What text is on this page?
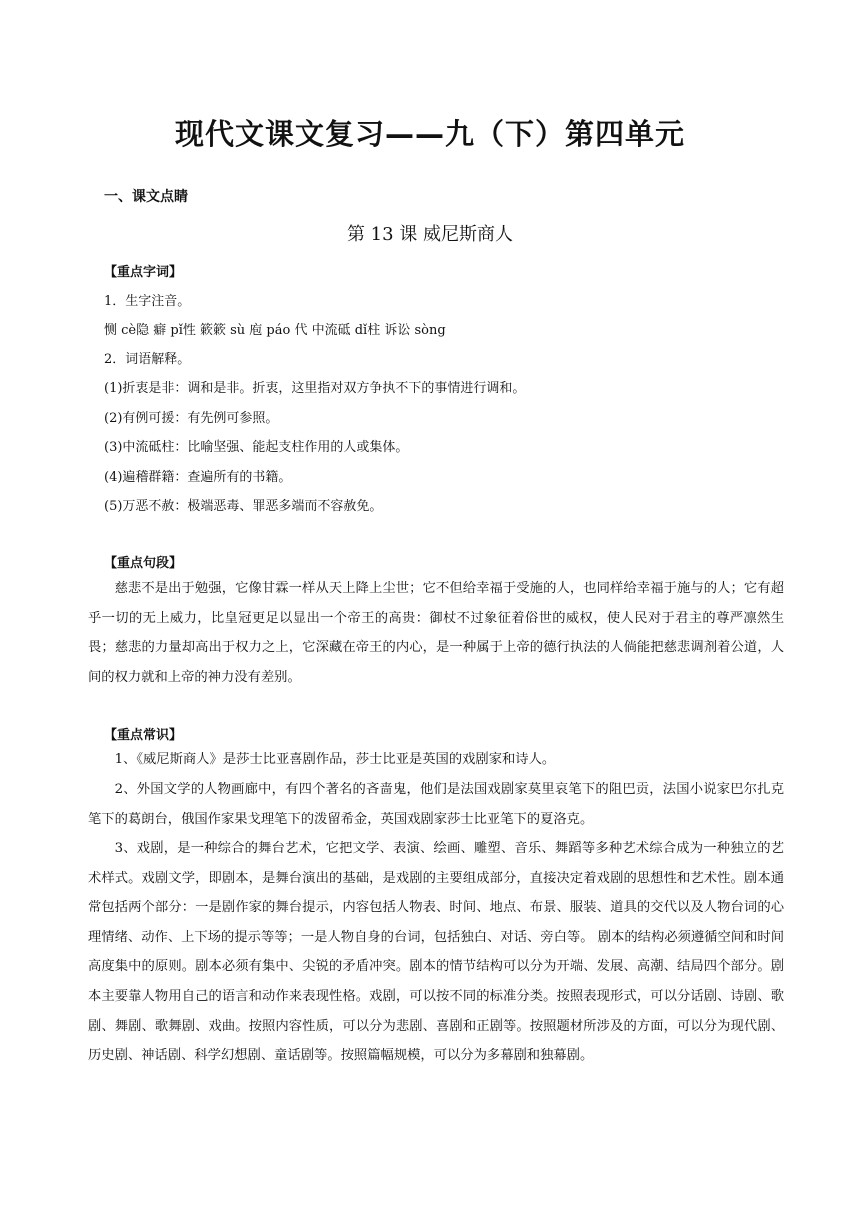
现代文课文复习——九（下）第四单元
一、课文点睛
第 13 课 威尼斯商人
【重点字词】
1．生字注音。
恻 cè隐 癖 pǐ性 簌簌 sù 庖 páo 代 中流砥 dǐ柱 诉讼 sòng
2．词语解释。
(1)折衷是非：调和是非。折衷，这里指对双方争执不下的事情进行调和。
(2)有例可援：有先例可参照。
(3)中流砥柱：比喻坚强、能起支柱作用的人或集体。
(4)遍稽群籍：查遍所有的书籍。
(5)万恶不赦：极端恶毒、罪恶多端而不容赦免。
【重点句段】

慈悲不是出于勉强，它像甘霖一样从天上降上尘世；它不但给幸福于受施的人，也同样给幸福于施与的人；它有超乎一切的无上威力，比皇冠更足以显出一个帝王的高贵：御杖不过象征着俗世的威权，使人民对于君主的尊严凛然生畏；慈悲的力量却高出于权力之上，它深藏在帝王的内心，是一种属于上帝的德行执法的人倘能把慈悲调剂着公道，人间的权力就和上帝的神力没有差别。

【重点常识】

1、《威尼斯商人》是莎士比亚喜剧作品，莎士比亚是英国的戏剧家和诗人。

2、外国文学的人物画廊中，有四个著名的吝啬鬼，他们是法国戏剧家莫里哀笔下的阻巴贡，法国小说家巴尔扎克笔下的葛朗台，俄国作家果戈理笔下的泼留希金，英国戏剧家莎士比亚笔下的夏洛克。

3、戏剧，是一种综合的舞台艺术，它把文学、表演、绘画、雕塑、音乐、舞蹈等多种艺术综合成为一种独立的艺术样式。戏剧文学，即剧本，是舞台演出的基础，是戏剧的主要组成部分，直接决定着戏剧的思想性和艺术性。剧本通常包括两个部分：一是剧作家的舞台提示，内容包括人物表、时间、地点、布景、服装、道具的交代以及人物台词的心理情绪、动作、上下场的提示等等；一是人物自身的台词，包括独白、对话、旁白等。 剧本的结构必须遵循空间和时间高度集中的原则。剧本必须有集中、尖锐的矛盾冲突。剧本的情节结构可以分为开端、发展、高潮、结局四个部分。剧本主要靠人物用自己的语言和动作来表现性格。戏剧，可以按不同的标准分类。按照表现形式，可以分话剧、诗剧、歌剧、舞剧、歌舞剧、戏曲。按照内容性质，可以分为悲剧、喜剧和正剧等。按照题材所涉及的方面，可以分为现代剧、历史剧、神话剧、科学幻想剧、童话剧等。按照篇幅规模，可以分为多幕剧和独幕剧。
